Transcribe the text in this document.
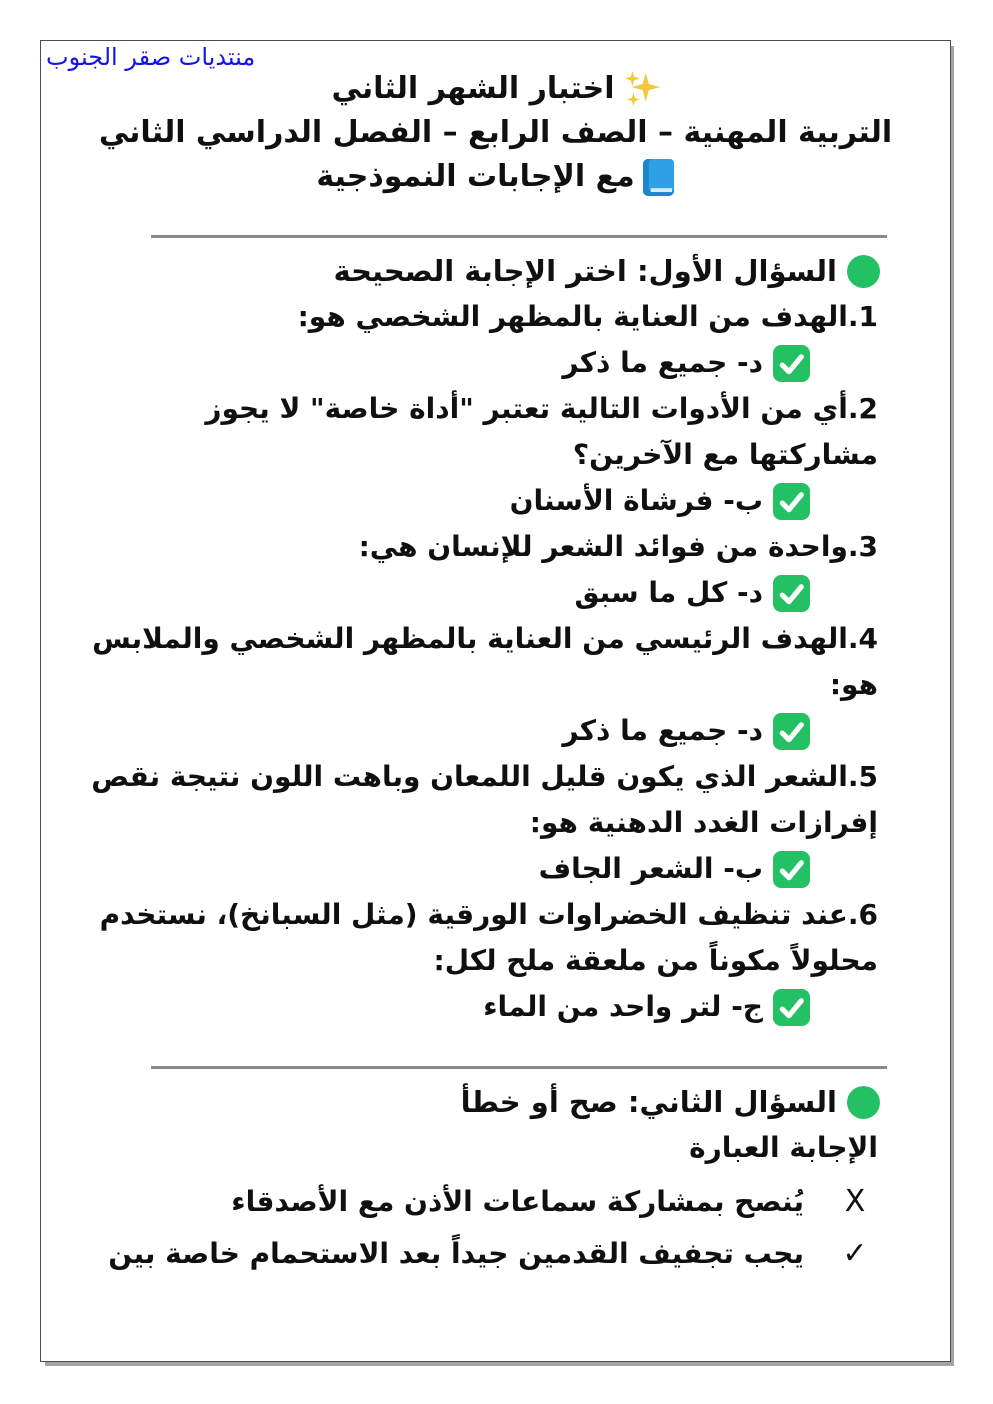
منتديات صقر الجنوب
اختبار الشهر الثاني
التربية المهنية – الصف الرابع – الفصل الدراسي الثاني
مع الإجابات النموذجية
السؤال الأول: اختر الإجابة الصحيحة
1.الهدف من العناية بالمظهر الشخصي هو:
د- جميع ما ذكر
2.أي من الأدوات التالية تعتبر "أداة خاصة" لا يجوز
مشاركتها مع الآخرين؟
ب- فرشاة الأسنان
3.واحدة من فوائد الشعر للإنسان هي:
د- كل ما سبق
4.الهدف الرئيسي من العناية بالمظهر الشخصي والملابس
هو:
د- جميع ما ذكر
5.الشعر الذي يكون قليل اللمعان وباهت اللون نتيجة نقص
إفرازات الغدد الدهنية هو:
ب- الشعر الجاف
6.عند تنظيف الخضراوات الورقية (مثل السبانخ)، نستخدم
محلولاً مكوناً من ملعقة ملح لكل:
ج- لتر واحد من الماء
السؤال الثاني: صح أو خطأ
الإجابة العبارة
X
يُنصح بمشاركة سماعات الأذن مع الأصدقاء
✓
يجب تجفيف القدمين جيداً بعد الاستحمام خاصة بين
